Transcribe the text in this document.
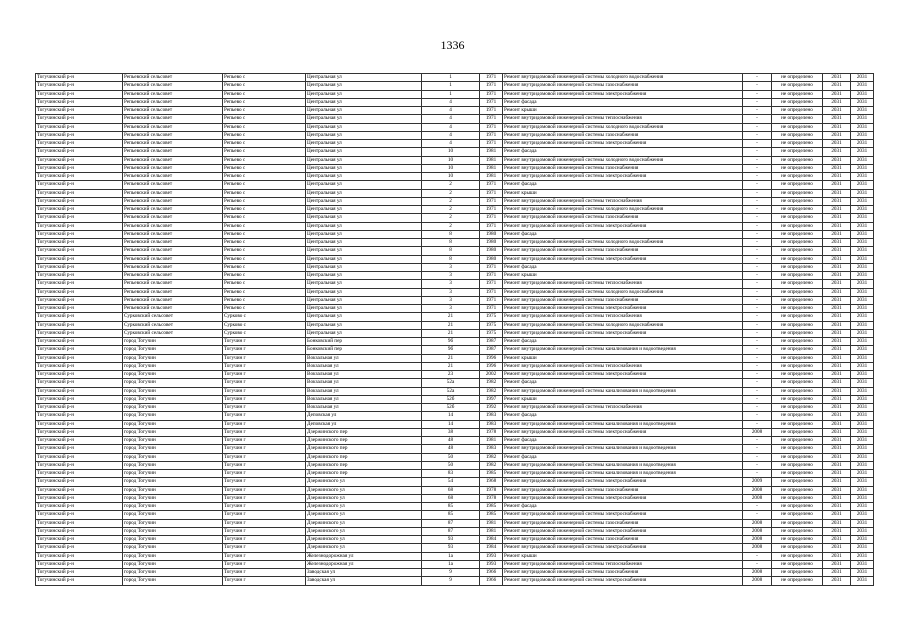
1336
Тогучинский р-н	Репьевский сельсовет	Репьево с	Центральная ул	1	1971	Ремонт внутридомовой инженерной системы холодного водоснабжения	-	не определено	2031	2031
Тогучинский р-н	Репьевский сельсовет	Репьево с	Центральная ул	1	1971	Ремонт внутридомовой инженерной системы газоснабжения	-	не определено	2031	2031
Тогучинский р-н	Репьевский сельсовет	Репьево с	Центральная ул	1	1971	Ремонт внутридомовой инженерной системы электроснабжения	-	не определено	2031	2031
Тогучинский р-н	Репьевский сельсовет	Репьево с	Центральная ул	4	1971	Ремонт фасада	-	не определено	2031	2031
Тогучинский р-н	Репьевский сельсовет	Репьево с	Центральная ул	4	1971	Ремонт крыши	-	не определено	2031	2031
Тогучинский р-н	Репьевский сельсовет	Репьево с	Центральная ул	4	1971	Ремонт внутридомовой инженерной системы теплоснабжения	-	не определено	2031	2031
Тогучинский р-н	Репьевский сельсовет	Репьево с	Центральная ул	4	1971	Ремонт внутридомовой инженерной системы холодного водоснабжения	-	не определено	2031	2031
Тогучинский р-н	Репьевский сельсовет	Репьево с	Центральная ул	4	1971	Ремонт внутридомовой инженерной системы газоснабжения	-	не определено	2031	2031
Тогучинский р-н	Репьевский сельсовет	Репьево с	Центральная ул	4	1971	Ремонт внутридомовой инженерной системы электроснабжения	-	не определено	2031	2031
Тогучинский р-н	Репьевский сельсовет	Репьево с	Центральная ул	10	1981	Ремонт фасада	-	не определено	2031	2031
Тогучинский р-н	Репьевский сельсовет	Репьево с	Центральная ул	10	1981	Ремонт внутридомовой инженерной системы холодного водоснабжения	-	не определено	2031	2031
Тогучинский р-н	Репьевский сельсовет	Репьево с	Центральная ул	10	1981	Ремонт внутридомовой инженерной системы газоснабжения	-	не определено	2031	2031
Тогучинский р-н	Репьевский сельсовет	Репьево с	Центральная ул	10	1981	Ремонт внутридомовой инженерной системы электроснабжения	-	не определено	2031	2031
Тогучинский р-н	Репьевский сельсовет	Репьево с	Центральная ул	2	1971	Ремонт фасада	-	не определено	2031	2031
Тогучинский р-н	Репьевский сельсовет	Репьево с	Центральная ул	2	1971	Ремонт крыши	-	не определено	2031	2031
Тогучинский р-н	Репьевский сельсовет	Репьево с	Центральная ул	2	1971	Ремонт внутридомовой инженерной системы теплоснабжения	-	не определено	2031	2031
Тогучинский р-н	Репьевский сельсовет	Репьево с	Центральная ул	2	1971	Ремонт внутридомовой инженерной системы холодного водоснабжения	-	не определено	2031	2031
Тогучинский р-н	Репьевский сельсовет	Репьево с	Центральная ул	2	1971	Ремонт внутридомовой инженерной системы газоснабжения	-	не определено	2031	2031
Тогучинский р-н	Репьевский сельсовет	Репьево с	Центральная ул	2	1971	Ремонт внутридомовой инженерной системы электроснабжения	-	не определено	2031	2031
Тогучинский р-н	Репьевский сельсовет	Репьево с	Центральная ул	8	1980	Ремонт фасада	-	не определено	2031	2031
Тогучинский р-н	Репьевский сельсовет	Репьево с	Центральная ул	8	1980	Ремонт внутридомовой инженерной системы холодного водоснабжения	-	не определено	2031	2031
Тогучинский р-н	Репьевский сельсовет	Репьево с	Центральная ул	8	1980	Ремонт внутридомовой инженерной системы газоснабжения	-	не определено	2031	2031
Тогучинский р-н	Репьевский сельсовет	Репьево с	Центральная ул	8	1980	Ремонт внутридомовой инженерной системы электроснабжения	-	не определено	2031	2031
Тогучинский р-н	Репьевский сельсовет	Репьево с	Центральная ул	3	1971	Ремонт фасада	-	не определено	2031	2031
Тогучинский р-н	Репьевский сельсовет	Репьево с	Центральная ул	3	1971	Ремонт крыши	-	не определено	2031	2031
Тогучинский р-н	Репьевский сельсовет	Репьево с	Центральная ул	3	1971	Ремонт внутридомовой инженерной системы теплоснабжения	-	не определено	2031	2031
Тогучинский р-н	Репьевский сельсовет	Репьево с	Центральная ул	3	1971	Ремонт внутридомовой инженерной системы холодного водоснабжения	-	не определено	2031	2031
Тогучинский р-н	Репьевский сельсовет	Репьево с	Центральная ул	3	1971	Ремонт внутридомовой инженерной системы газоснабжения	-	не определено	2031	2031
Тогучинский р-н	Репьевский сельсовет	Репьево с	Центральная ул	3	1971	Ремонт внутридомовой инженерной системы электроснабжения	-	не определено	2031	2031
Тогучинский р-н	Сурковский сельсовет	Сурково с	Центральная ул	21	1975	Ремонт внутридомовой инженерной системы теплоснабжения	-	не определено	2031	2031
Тогучинский р-н	Сурковский сельсовет	Сурково с	Центральная ул	21	1975	Ремонт внутридомовой инженерной системы холодного водоснабжения	-	не определено	2031	2031
Тогучинский р-н	Сурковский сельсовет	Сурково с	Центральная ул	21	1975	Ремонт внутридомовой инженерной системы электроснабжения	-	не определено	2031	2031
Тогучинский р-н	город Тогучин	Тогучин г	Бонковский пер	9б	1987	Ремонт фасада	-	не определено	2031	2031
Тогучинский р-н	город Тогучин	Тогучин г	Бонковский пер	9б	1987	Ремонт внутридомовой инженерной системы канализования и водоотведения	-	не определено	2031	2031
Тогучинский р-н	город Тогучин	Тогучин г	Вокзальная ул	21	1996	Ремонт крыши	-	не определено	2031	2031
Тогучинский р-н	город Тогучин	Тогучин г	Вокзальная ул	21	1996	Ремонт внутридомовой инженерной системы теплоснабжения	-	не определено	2031	2031
Тогучинский р-н	город Тогучин	Тогучин г	Вокзальная ул	23	2002	Ремонт внутридомовой инженерной системы электроснабжения	-	не определено	2031	2031
Тогучинский р-н	город Тогучин	Тогучин г	Вокзальная ул	52а	1982	Ремонт фасада	-	не определено	2031	2031
Тогучинский р-н	город Тогучин	Тогучин г	Вокзальная ул	52а	1982	Ремонт внутридомовой инженерной системы канализования и водоотведения	-	не определено	2031	2031
Тогучинский р-н	город Тогучин	Тогучин г	Вокзальная ул	52б	1997	Ремонт крыши	-	не определено	2031	2031
Тогучинский р-н	город Тогучин	Тогучин г	Вокзальная ул	52б	1992	Ремонт внутридомовой инженерной системы теплоснабжения	-	не определено	2031	2031
Тогучинский р-н	город Тогучин	Тогучин г	Деповская ул	14	1983	Ремонт фасада	-	не определено	2031	2031
Тогучинский р-н	город Тогучин	Тогучин г	Деповская ул	14	1983	Ремонт внутридомовой инженерной системы канализования и водоотведения	-	не определено	2031	2031
Тогучинский р-н	город Тогучин	Тогучин г	Дзержинского пер	38	1978	Ремонт внутридомовой инженерной системы электроснабжения	2008	не определено	2031	2031
Тогучинский р-н	город Тогучин	Тогучин г	Дзержинского пер	48	1981	Ремонт фасада	-	не определено	2031	2031
Тогучинский р-н	город Тогучин	Тогучин г	Дзержинского пер	48	1983	Ремонт внутридомовой инженерной системы канализования и водоотведения	-	не определено	2031	2031
Тогучинский р-н	город Тогучин	Тогучин г	Дзержинского пер	50	1982	Ремонт фасада	-	не определено	2031	2031
Тогучинский р-н	город Тогучин	Тогучин г	Дзержинского пер	50	1982	Ремонт внутридомовой инженерной системы канализования и водоотведения	-	не определено	2031	2031
Тогучинский р-н	город Тогучин	Тогучин г	Дзержинского пер	83	1985	Ремонт внутридомовой инженерной системы канализования и водоотведения	-	не определено	2031	2031
Тогучинский р-н	город Тогучин	Тогучин г	Дзержинского ул	54	1968	Ремонт внутридомовой инженерной системы электроснабжения	2009	не определено	2031	2031
Тогучинский р-н	город Тогучин	Тогучин г	Дзержинского ул	68	1978	Ремонт внутридомовой инженерной системы газоснабжения	2008	не определено	2031	2031
Тогучинский р-н	город Тогучин	Тогучин г	Дзержинского ул	68	1978	Ремонт внутридомовой инженерной системы электроснабжения	2008	не определено	2031	2031
Тогучинский р-н	город Тогучин	Тогучин г	Дзержинского ул	85	1985	Ремонт фасада	-	не определено	2031	2031
Тогучинский р-н	город Тогучин	Тогучин г	Дзержинского ул	85	1985	Ремонт внутридомовой инженерной системы электроснабжения	-	не определено	2031	2031
Тогучинский р-н	город Тогучин	Тогучин г	Дзержинского ул	87	1981	Ремонт внутридомовой инженерной системы газоснабжения	2008	не определено	2031	2031
Тогучинский р-н	город Тогучин	Тогучин г	Дзержинского ул	87	1981	Ремонт внутридомовой инженерной системы электроснабжения	2008	не определено	2031	2031
Тогучинский р-н	город Тогучин	Тогучин г	Дзержинского ул	93	1984	Ремонт внутридомовой инженерной системы газоснабжения	2008	не определено	2031	2031
Тогучинский р-н	город Тогучин	Тогучин г	Дзержинского ул	93	1984	Ремонт внутридомовой инженерной системы электроснабжения	2008	не определено	2031	2031
Тогучинский р-н	город Тогучин	Тогучин г	Железнодорожная ул	1а	1993	Ремонт крыши	-	не определено	2031	2031
Тогучинский р-н	город Тогучин	Тогучин г	Железнодорожная ул	1а	1993	Ремонт внутридомовой инженерной системы теплоснабжения	-	не определено	2031	2031
Тогучинский р-н	город Тогучин	Тогучин г	Заводская ул	9	1966	Ремонт внутридомовой инженерной системы газоснабжения	2008	не определено	2031	2031
Тогучинский р-н	город Тогучин	Тогучин г	Заводская ул	9	1966	Ремонт внутридомовой инженерной системы электроснабжения	2008	не определено	2031	2031
